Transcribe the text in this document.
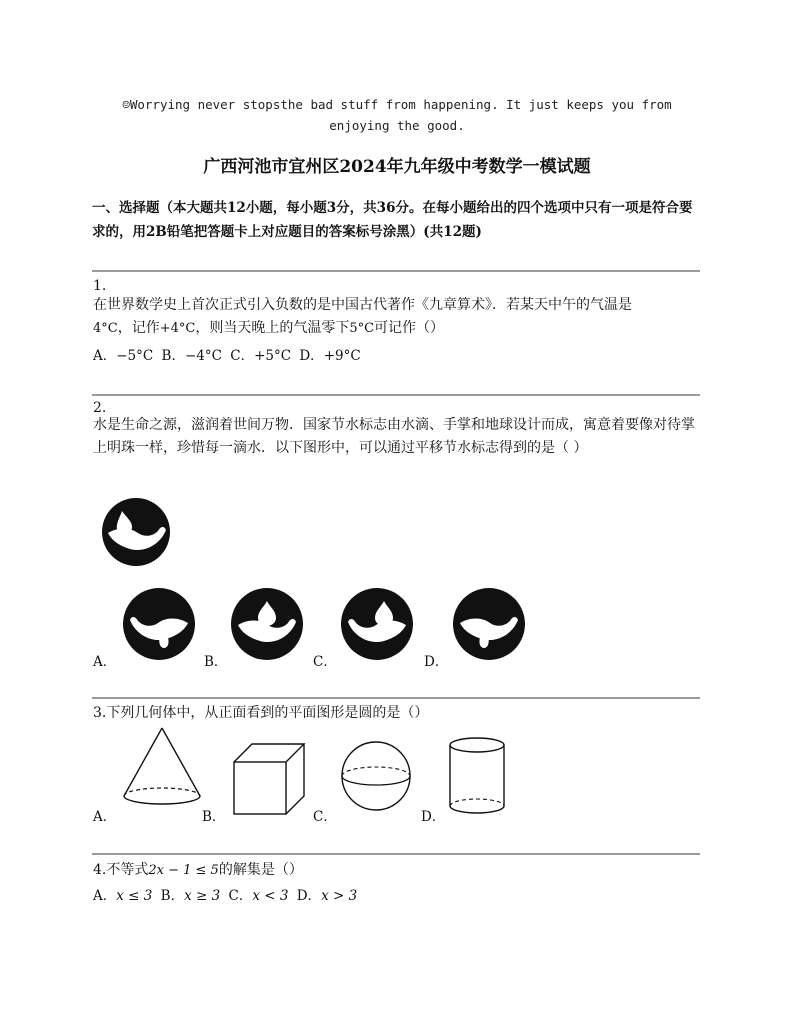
☺Worrying never stopsthe bad stuff from happening. It just keeps you from enjoying the good.
广西河池市宜州区2024年九年级中考数学一模试题
一、选择题（本大题共12小题，每小题3分，共36分。在每小题给出的四个选项中只有一项是符合要求的，用2B铅笔把答题卡上对应题目的答案标号涂黑）(共12题)
1.
在世界数学史上首次正式引入负数的是中国古代著作《九章算术》．若某天中午的气温是
4°C，记作+4°C，则当天晚上的气温零下5°C可记作（）
A．−5°C B．−4°C C．+5°C D．+9°C
2.
水是生命之源，滋润着世间万物．国家节水标志由水滴、手掌和地球设计而成，寓意着要像对待掌上明珠一样，珍惜每一滴水．以下图形中，可以通过平移节水标志得到的是（ ）
A．	B．	C．	D．
3.下列几何体中，从正面看到的平面图形是圆的是（）
A．	B．	C．	D．
4.不等式2x − 1 ≤ 5的解集是（）
A．x ≤ 3 B．x ≥ 3 C．x < 3 D．x > 3
